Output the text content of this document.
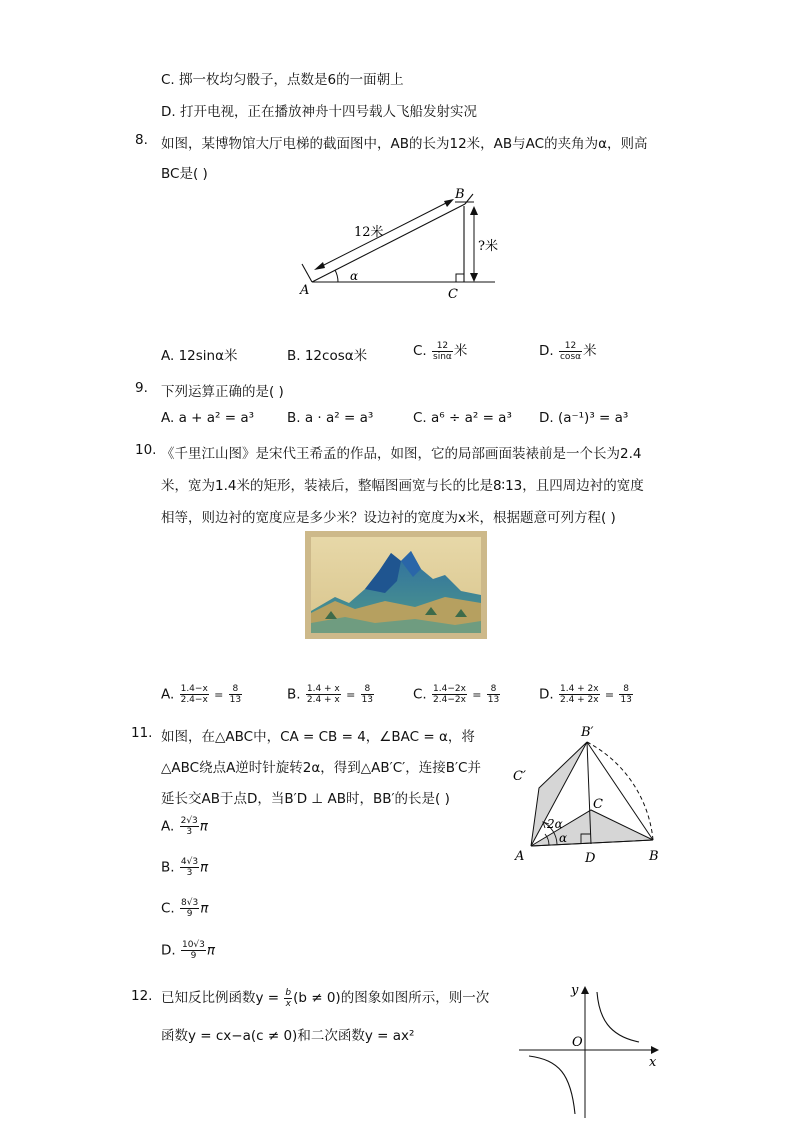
C. 掷一枚均匀骰子，点数是6的一面朝上
D. 打开电视，正在播放神舟十四号载人飞船发射实况
8. 如图，某博物馆大厅电梯的截面图中，AB的长为12米，AB与AC的夹角为α，则高
BC是( )
B
A	C
α
12米
?米
A. 12sinα米	B. 12cosα米	C. $\frac{12}{\sin\alpha}$ 米	D. $\frac{12}{\cos\alpha}$ 米
9. 下列运算正确的是( )
A. a + a² = a³ B. a · a² = a³	C. a⁶ ÷ a² = a³ D. (a⁻¹)³ = a³
10. 《千里江山图》是宋代王希孟的作品，如图，它的局部画面装裱前是一个长为2.4
米，宽为1.4米的矩形，装裱后，整幅图画宽与长的比是8∶13，且四周边衬的宽度
相等，则边衬的宽度应是多少米？设边衬的宽度为x米，根据题意可列方程( )
A. $\frac{1.4-x}{2.4-x} = \frac{8}{13}$	B. $\frac{1.4 + x}{2.4 + x} = \frac{8}{13}$	C. $\frac{1.4-2x}{2.4-2x} = \frac{8}{13}$	D. $\frac{1.4 + 2x}{2.4 + 2x} = \frac{8}{13}$
11. 如图，在△ABC中，CA = CB = 4，∠BAC = α，将
△ABC绕点A逆时针旋转2α，得到△AB′C′，连接B′C并
延长交AB于点D，当B′D ⊥ AB时，BB′的长是( )
A. $\frac{2√3}{3}$ π
B. $\frac{4√3}{3}$ π
C. $\frac{8√3}{9}$ π
D. $\frac{10√3}{9}$ π
B′
C′
C
A	D	B
2α
α
12. 已知反比例函数$y = \frac{b}{x} (b \ne 0)$的图象如图所示，则一次
函数y = cx−a(c ≠ 0)和二次函数y = ax²
y
O
x
